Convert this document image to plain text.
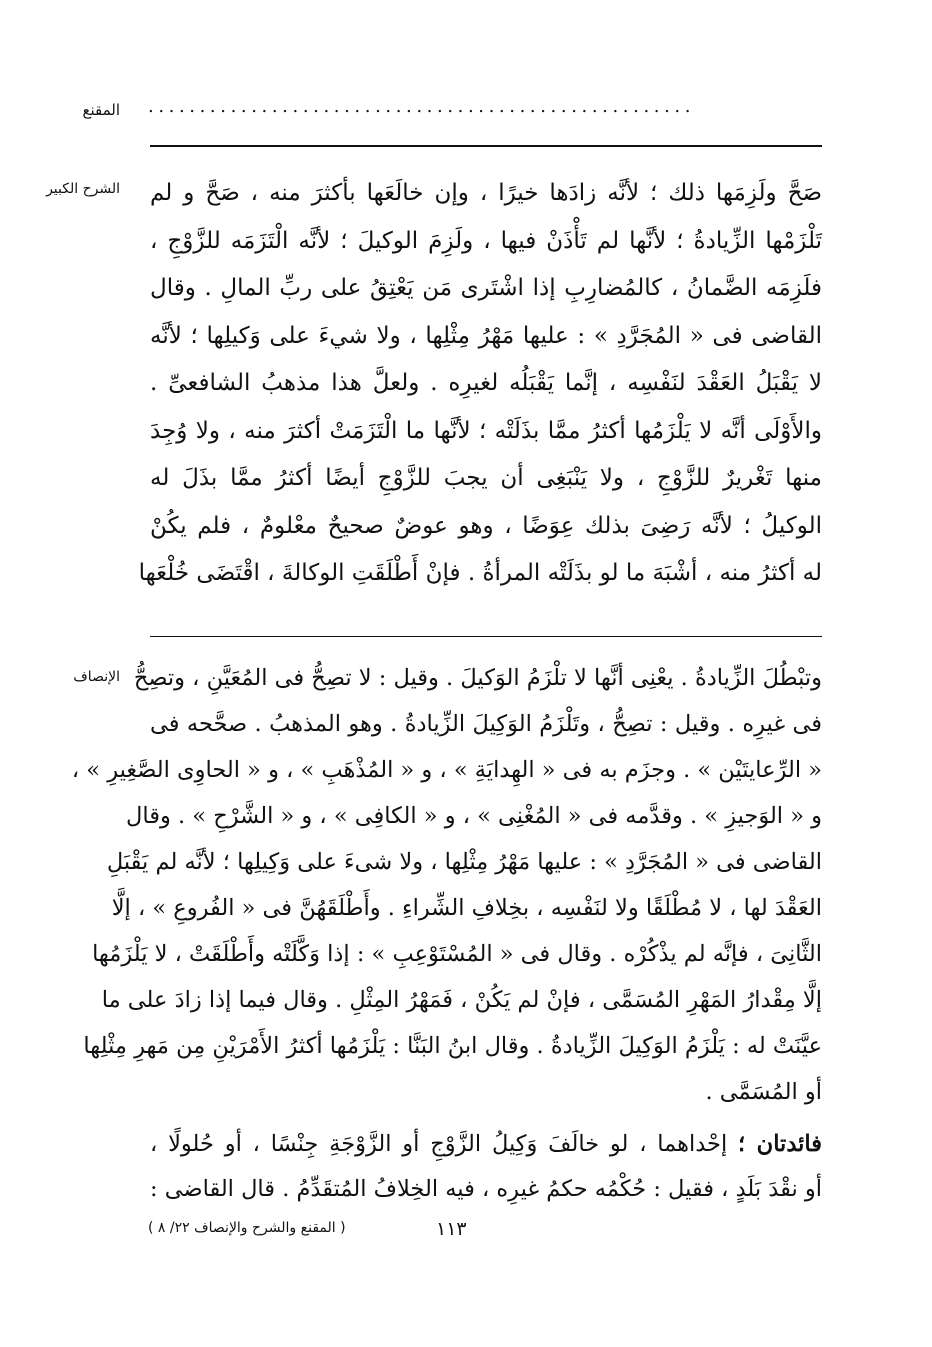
.....................................................
المقنع
الشرح الكبير صَحَّ ولَزِمَها ذلك ؛ لأنَّه زادَها خيرًا ، وإن خالَعَها بأكثرَ منه ، صَحَّ و لم
تَلْزَمْها الزِّيادةُ ؛ لأنَّها لم تَأْذَنْ فيها ، ولَزِمَ الوكيلَ ؛ لأنَّه الْتَزَمَه للزَّوْجِ ،
فلَزِمَه الضَّمانُ ، كالمُضارِبِ إذا اشْتَرى مَن يَعْتِقُ على ربِّ المالِ . وقال
القاضى فى « المُجَرَّدِ » : عليها مَهْرُ مِثْلِها ، ولا شيءَ على وَكيلِها ؛ لأنَّه
لا يَقْبَلُ العَقْدَ لنَفْسِه ، إنَّما يَقْبَلُه لغيرِه . ولعلَّ هذا مذهبُ الشافعىِّ .
والأَوْلَى أنَّه لا يَلْزَمُها أكثرُ ممَّا بذَلَتْه ؛ لأنَّها ما الْتَزَمَتْ أكثرَ منه ، ولا وُجِدَ
منها تَغْريرٌ للزَّوْجِ ، ولا يَنْبَغِى أن يجبَ للزَّوْجِ أيضًا أكثرُ ممَّا بذَلَ له
الوكيلُ ؛ لأنَّه رَضِىَ بذلك عِوَضًا ، وهو عوضٌ صحيحٌ معْلومٌ ، فلم يكُنْ
له أكثرُ منه ، أشْبَهَ ما لو بذَلَتْه المرأةُ . فإنْ أَطْلَقَتِ الوكالةَ ، اقْتَضَى خُلْعَها
الإنصاف وتبْطُلَ الزِّيادةُ . يعْنِى أنَّها لا تلْزَمُ الوَكيلَ . وقيل : لا تصِحُّ فى المُعَيَّنِ ، وتصِحُّ
فى غيرِه . وقيل : تصِحُّ ، وتَلْزَمُ الوَكِيلَ الزِّيادةُ . وهو المذهبُ . صحَّحه فى
« الرِّعايتَيْن » . وجزَم به فى « الهِدايَةِ » ، و « المُذْهَبِ » ، و « الحاوِى الصَّغِيرِ » ،
و « الوَجيزِ » . وقدَّمه فى « المُغْنِى » ، و « الكافِى » ، و « الشَّرْحِ » . وقال
القاضى فى « المُجَرَّدِ » : عليها مَهْرُ مِثْلِها ، ولا شىءَ على وَكِيلِها ؛ لأنَّه لم يَقْبَلِ
العَقْدَ لها ، لا مُطْلَقًا ولا لنَفْسِه ، بخِلافِ الشِّراءِ . وأَطْلَقَهُنَّ فى « الفُروعِ » ، إلَّا
الثَّانِىَ ، فإنَّه لم يذْكُرْه . وقال فى « المُسْتَوْعِبِ » : إذا وَكَّلَتْه وأَطْلَقَتْ ، لا يَلْزَمُها
إلَّا مِقْدارُ المَهْرِ المُسَمَّى ، فإنْ لم يَكُنْ ، فَمَهْرُ المِثْلِ . وقال فيما إذا زادَ على ما
عيَّنَتْ له : يَلْزَمُ الوَكِيلَ الزِّيادةُ . وقال ابنُ البَنَّا : يَلْزَمُها أكثرُ الأَمْرَيْنِ مِن مَهرِ مِثْلِها
أو المُسَمَّى .
فائدتان ؛ إحْداهما ، لو خالَفَ وَكِيلُ الزَّوْجِ أو الزَّوْجَةِ جِنْسًا ، أو حُلولًا ،
أو نقْدَ بَلَدٍ ، فقيل : حُكْمُه حكمُ غيرِه ، فيه الخِلافُ المُتقَدِّمُ . قال القاضى :
١١٣
( المقنع والشرح والإنصاف ٢٢/ ٨ )
